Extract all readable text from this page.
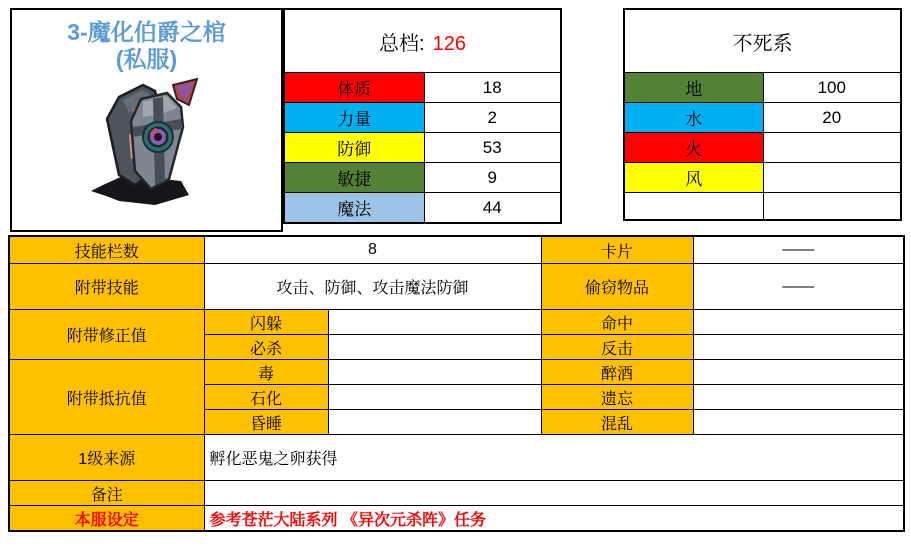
3-魔化伯爵之棺
(私服)
总档: 126	
体质	18
力量	2
防御	53
敏捷	9
魔法	44
不死系	
地	100
水	20
火	
风	

技能栏数	8		卡片	——
附带技能	攻击、防御、攻击魔法防御		偷窃物品	——
附带修正值	闪躲		命中	
	必杀		反击	
附带抵抗值	毒		醉酒	
	石化		遗忘	
	昏睡		混乱	
1级来源	孵化恶鬼之卵获得			
备注				
本服设定	参考苍茫大陆系列 《异次元杀阵》任务			
